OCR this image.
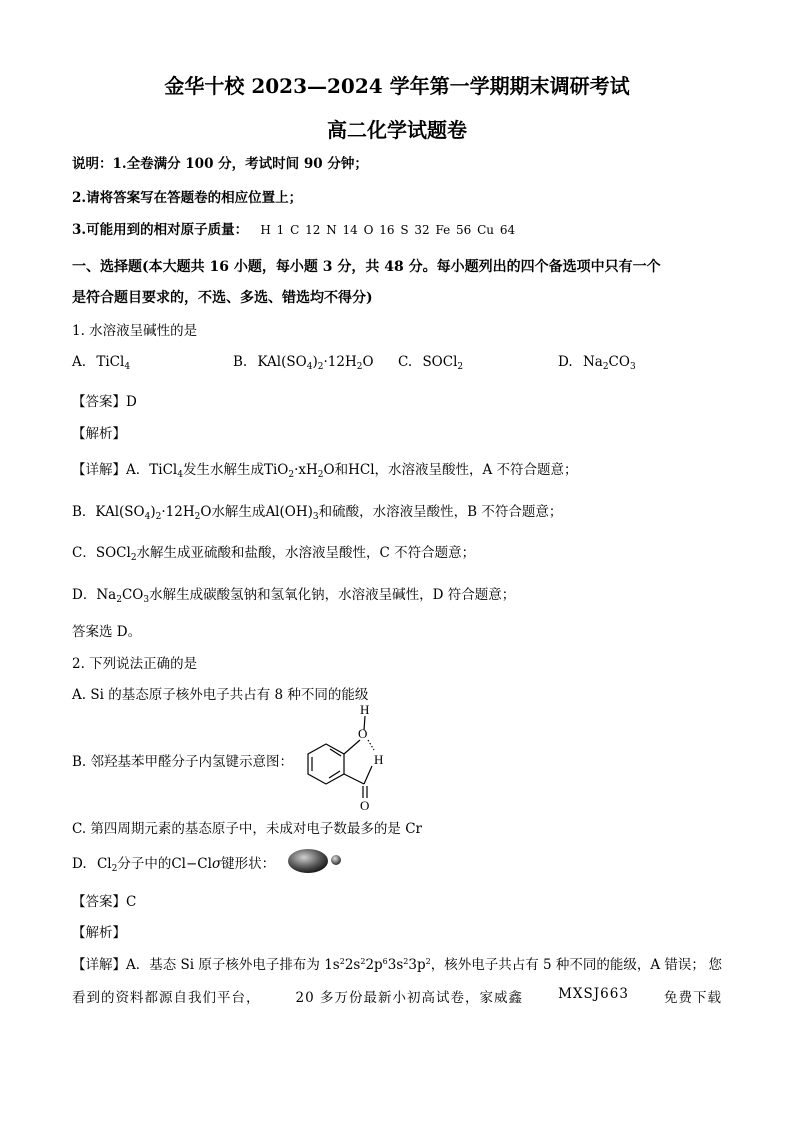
金华十校 2023—2024 学年第一学期期末调研考试
高二化学试题卷
说明：1.全卷满分 100 分，考试时间 90 分钟；
2.请将答案写在答题卷的相应位置上；
3.可能用到的相对原子质量： H 1 C 12 N 14 O 16 S 32 Fe 56 Cu 64
一、选择题(本大题共 16 小题，每小题 3 分，共 48 分。每小题列出的四个备选项中只有一个
是符合题目要求的，不选、多选、错选均不得分)
1. 水溶液呈碱性的是
A. TiCl$_4$	B. $KAl(SO_4)_2\cdot 12H_2O$ C. SOCl$_2$	D. $Na_2CO_3$
【答案】D
【解析】
【详解】A．TiCl$_4$发生水解生成$TiO_2\cdot xH_2O$和HCl，水溶液呈酸性，A 不符合题意；
B．$KAl(SO_4)_2\cdot 12H_2O$水解生成$Al(OH)_3$和硫酸，水溶液呈酸性，B 不符合题意；
C．SOCl$_2$水解生成亚硫酸和盐酸，水溶液呈酸性，C 不符合题意；
D．$Na_2CO_3$水解生成碳酸氢钠和氢氧化钠，水溶液呈碱性，D 符合题意；
答案选 D。
2. 下列说法正确的是
A. Si 的基态原子核外电子共占有 8 种不同的能级
B. 邻羟基苯甲醛分子内氢键示意图：
H
O
H
O
C. 第四周期元素的基态原子中，未成对电子数最多的是 Cr
D. $Cl_2$分子中的Cl−Clσ键形状：
【答案】C
【解析】
【详解】A．基态 Si 原子核外电子排布为 $1s^22s^22p^63s^23p^2$，核外电子共占有 5 种不同的能级，A 错误； 您
看到的资料都源自我们平台，	20 多万份最新小初高试卷，家威鑫	MXSJ663	免费下载
